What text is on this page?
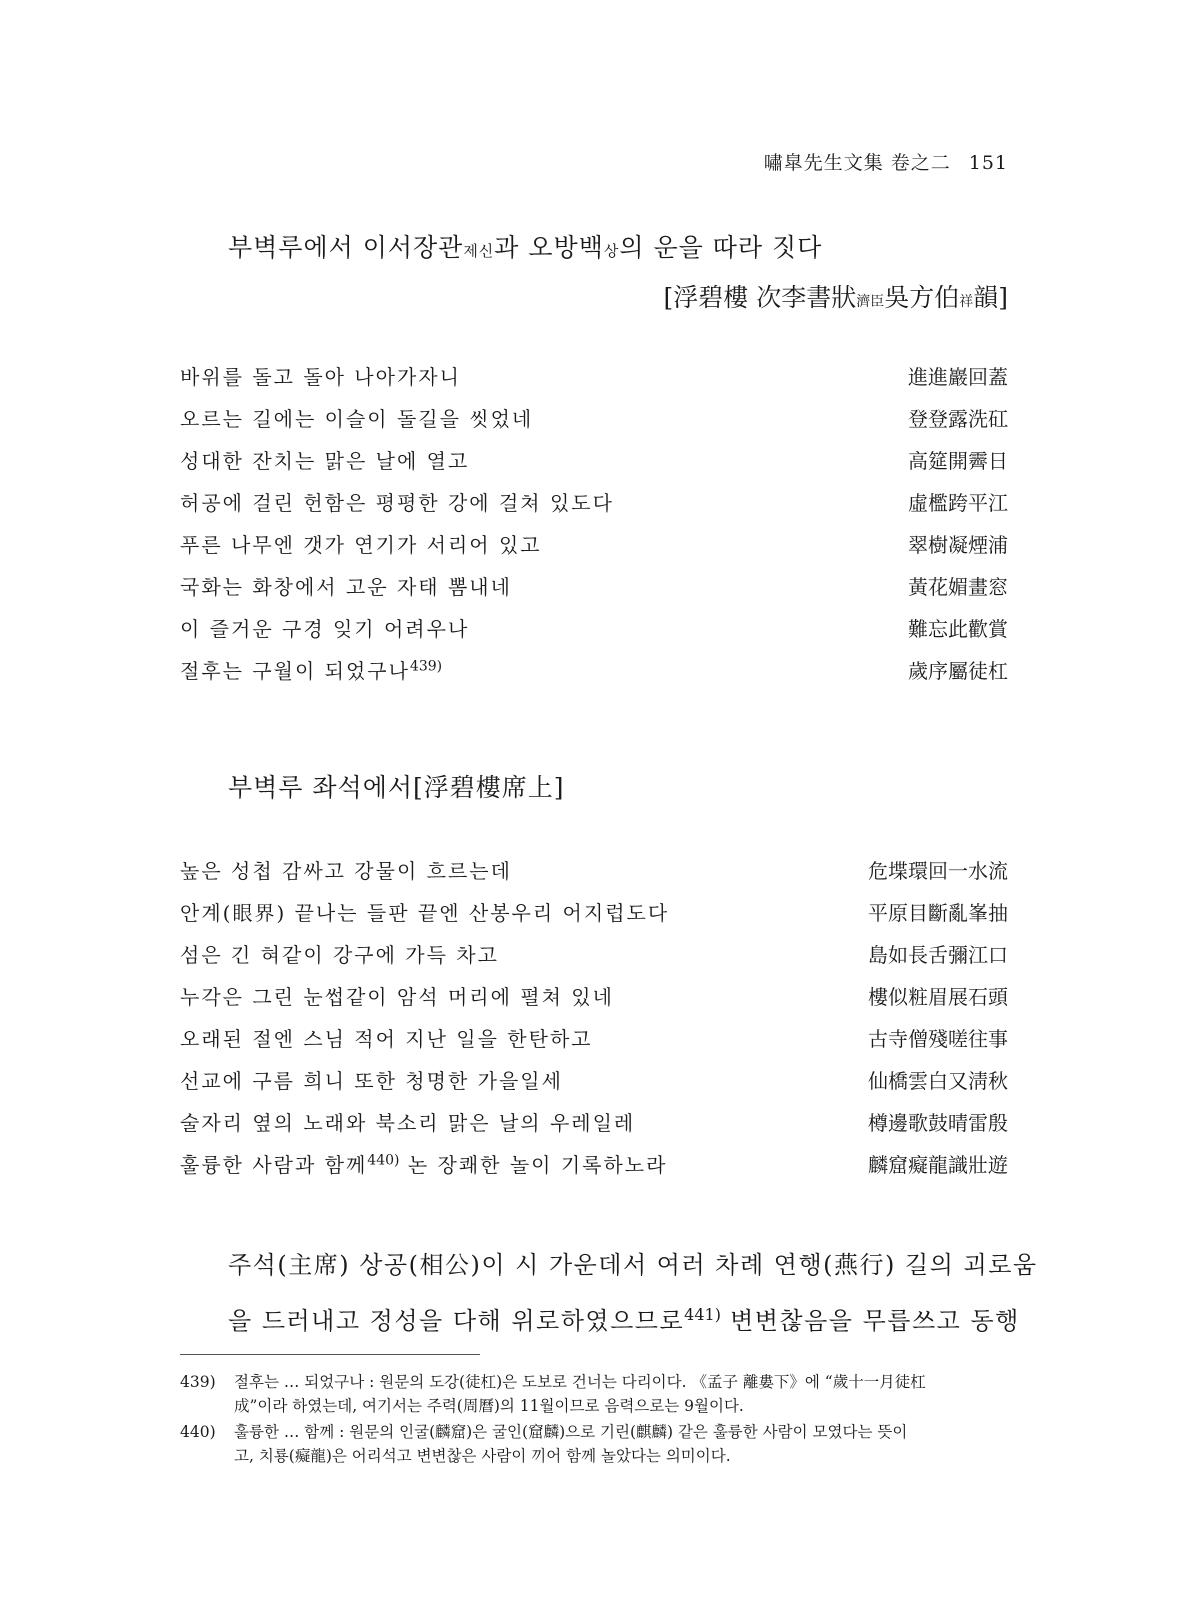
嘯皐先生文集 卷之二 151
부벽루에서 이서장관제신과 오방백상의 운을 따라 짓다
[浮碧樓 次李書狀濟臣吳方伯祥韻]
바위를 돌고 돌아 나아가자니	進進巖回蓋
오르는 길에는 이슬이 돌길을 씻었네	登登露洗矼
성대한 잔치는 맑은 날에 열고	高筵開霽日
허공에 걸린 헌함은 평평한 강에 걸쳐 있도다	虛檻跨平江
푸른 나무엔 갯가 연기가 서리어 있고	翠樹凝煙浦
국화는 화창에서 고운 자태 뽐내네	黃花媚畫窓
이 즐거운 구경 잊기 어려우나	難忘此歡賞
절후는 구월이 되었구나$^{439)}$	歲序屬徒杠
부벽루 좌석에서[浮碧樓席上]
높은 성첩 감싸고 강물이 흐르는데	危堞環回一水流
안계(眼界) 끝나는 들판 끝엔 산봉우리 어지럽도다	平原目斷亂峯抽
섬은 긴 혀같이 강구에 가득 차고	島如長舌彌江口
누각은 그린 눈썹같이 암석 머리에 펼쳐 있네	樓似粧眉展石頭
오래된 절엔 스님 적어 지난 일을 한탄하고	古寺僧殘嗟往事
선교에 구름 희니 또한 청명한 가을일세	仙橋雲白又淸秋
술자리 옆의 노래와 북소리 맑은 날의 우레일레	樽邊歌鼓晴雷殷
훌륭한 사람과 함께$^{440)}$ 논 장쾌한 놀이 기록하노라	麟窟癡龍識壯遊

주석(主席) 상공(相公)이 시 가운데서 여러 차례 연행(燕行) 길의 괴로움

을 드러내고 정성을 다해 위로하였으므로$^{441)}$ 변변찮음을 무릅쓰고 동행

439) 절후는 … 되었구나 : 원문의 도강(徒杠)은 도보로 건너는 다리이다. 《孟子 離婁下》에 “歲十一月徒杠

成”이라 하였는데, 여기서는 주력(周曆)의 11월이므로 음력으로는 9월이다.

440) 훌륭한 … 함께 : 원문의 인굴(麟窟)은 굴인(窟麟)으로 기린(麒麟) 같은 훌륭한 사람이 모였다는 뜻이

고, 치룡(癡龍)은 어리석고 변변찮은 사람이 끼어 함께 놀았다는 의미이다.
